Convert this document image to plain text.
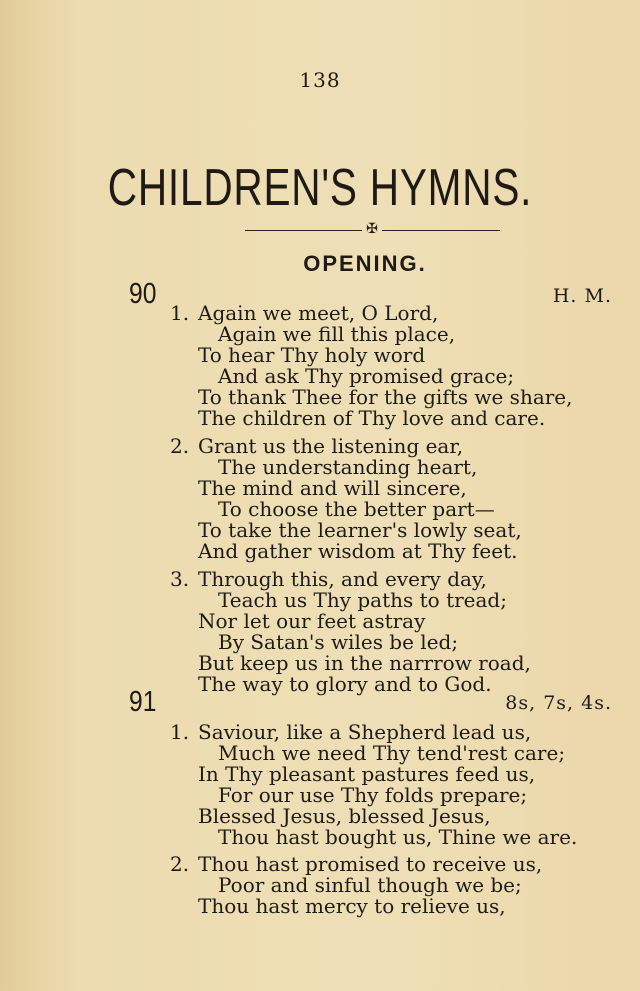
138
CHILDREN'S HYMNS.
✠
OPENING.
90	H. M.
1. Again we meet, O Lord,
Again we fill this place,
To hear Thy holy word
And ask Thy promised grace;
To thank Thee for the gifts we share,
The children of Thy love and care.
2. Grant us the listening ear,
The understanding heart,
The mind and will sincere,
To choose the better part—
To take the learner's lowly seat,
And gather wisdom at Thy feet.
3. Through this, and every day,
Teach us Thy paths to tread;
Nor let our feet astray
By Satan's wiles be led;
But keep us in the narrrow road,
The way to glory and to God.
91	8s, 7s, 4s.
1. Saviour, like a Shepherd lead us,
Much we need Thy tend'rest care;
In Thy pleasant pastures feed us,
For our use Thy folds prepare;
Blessed Jesus, blessed Jesus,
Thou hast bought us, Thine we are.
2. Thou hast promised to receive us,
Poor and sinful though we be;
Thou hast mercy to relieve us,
